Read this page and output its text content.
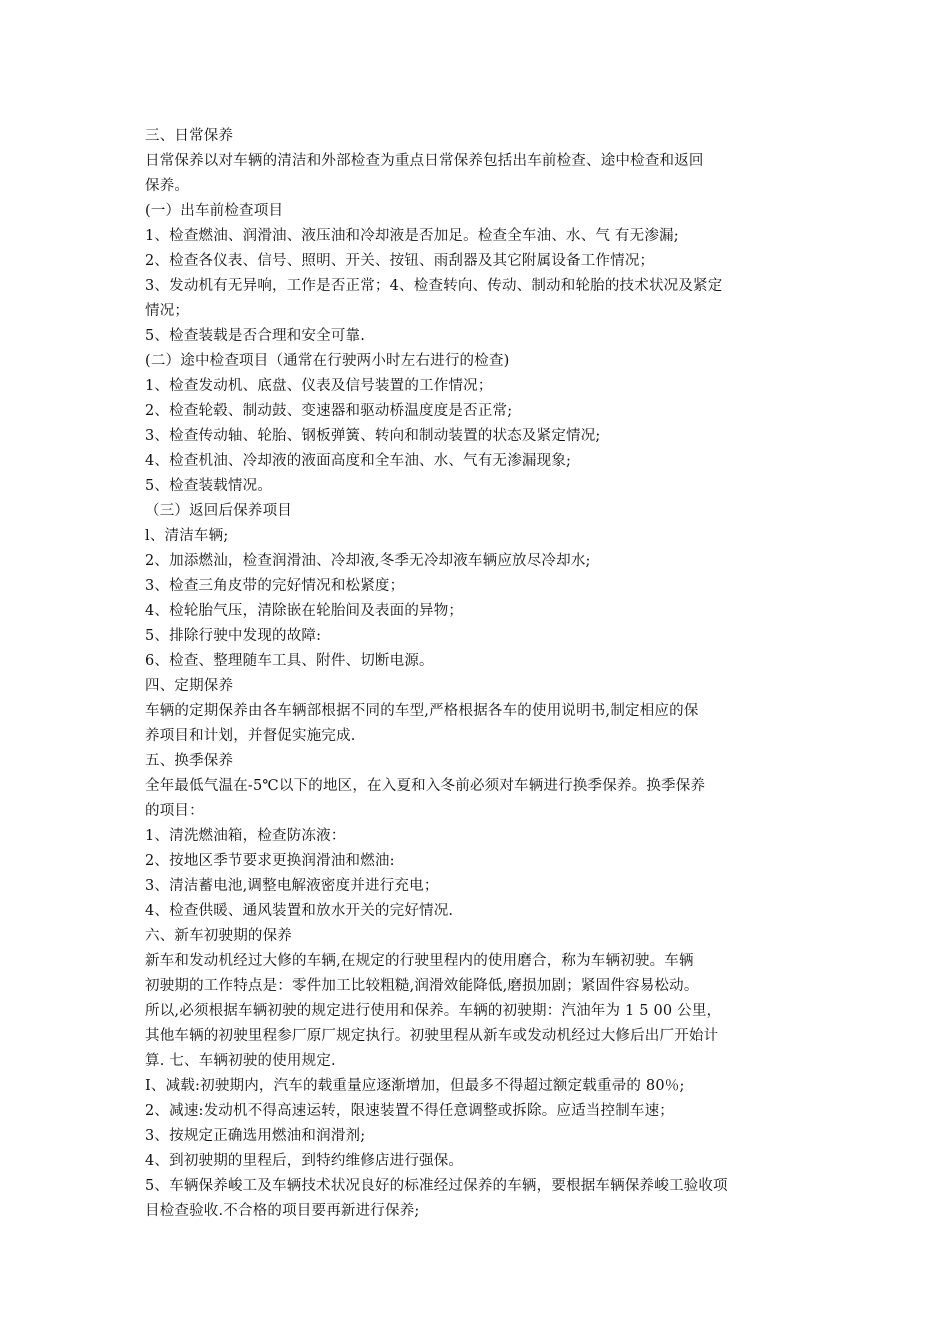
三、日常保养
日常保养以对车辆的清洁和外部检查为重点日常保养包括出车前检查、途中检查和返回
保养。
(一）出车前检查项目
1、检查燃油、润滑油、液压油和冷却液是否加足。检查全车油、水、气 有无渗漏;
2、检查各仪表、信号、照明、开关、按钮、雨刮器及其它附属设备工作情况；
3、发动机有无异响，工作是否正常；4、检查转向、传动、制动和轮胎的技术状况及紧定
情况；
5、检查装载是否合理和安全可靠.
(二）途中检查项目（通常在行驶两小时左右进行的检查)
1、检查发动机、底盘、仪表及信号装置的工作情况；
2、检查轮毂、制动鼓、变速器和驱动桥温度度是否正常;
3、检查传动轴、轮胎、钢板弹簧、转向和制动装置的状态及紧定情况;
4、检查机油、冷却液的液面高度和全车油、水、气有无渗漏现象;
5、检查装载情况。
（三）返回后保养项目
l、清洁车辆;
2、加添燃汕，检查润滑油、冷却液,冬季无冷却液车辆应放尽冷却水;
3、检查三角皮带的完好情况和松紧度；
4、检轮胎气压，清除嵌在轮胎间及表面的异物；
5、排除行驶中发现的故障:
6、检查、整理随车工具、附件、切断电源。
四、定期保养
车辆的定期保养由各车辆部根据不同的车型,严格根据各车的使用说明书,制定相应的保
养项目和计划，并督促实施完成.
五、换季保养
全年最低气温在-5℃以下的地区，在入夏和入冬前必须对车辆进行换季保养。换季保养
的项目：
1、清洗燃油箱，检查防冻液：
2、按地区季节要求更换润滑油和燃油:
3、清洁蓄电池,调整电解液密度并进行充电；
4、检查供暖、通风装置和放水开关的完好情况.
六、新车初驶期的保养
新车和发动机经过大修的车辆,在规定的行驶里程内的使用磨合，称为车辆初驶。车辆
初驶期的工作特点是：零件加工比较粗糙,润滑效能降低,磨损加剧；紧固件容易松动。
所以,必须根据车辆初驶的规定进行使用和保养。车辆的初驶期：汽油年为 1 5 00 公里，
其他车辆的初驶里程参厂原厂规定执行。初驶里程从新车或发动机经过大修后出厂开始计
算. 七、车辆初驶的使用规定.
I、减载:初驶期内，汽车的载重量应逐渐增加，但最多不得超过额定载重帚的 80％;
2、减速:发动机不得高速运转，限速装置不得任意调整或拆除。应适当控制车速；
3、按规定正确选用燃油和润滑剂;
4、到初驶期的里程后，到特约维修店进行强保。
5、车辆保养峻工及车辆技术状况良好的标准经过保养的车辆，要根据车辆保养峻工验收项
目检查验收.不合格的项目要再新进行保养;
